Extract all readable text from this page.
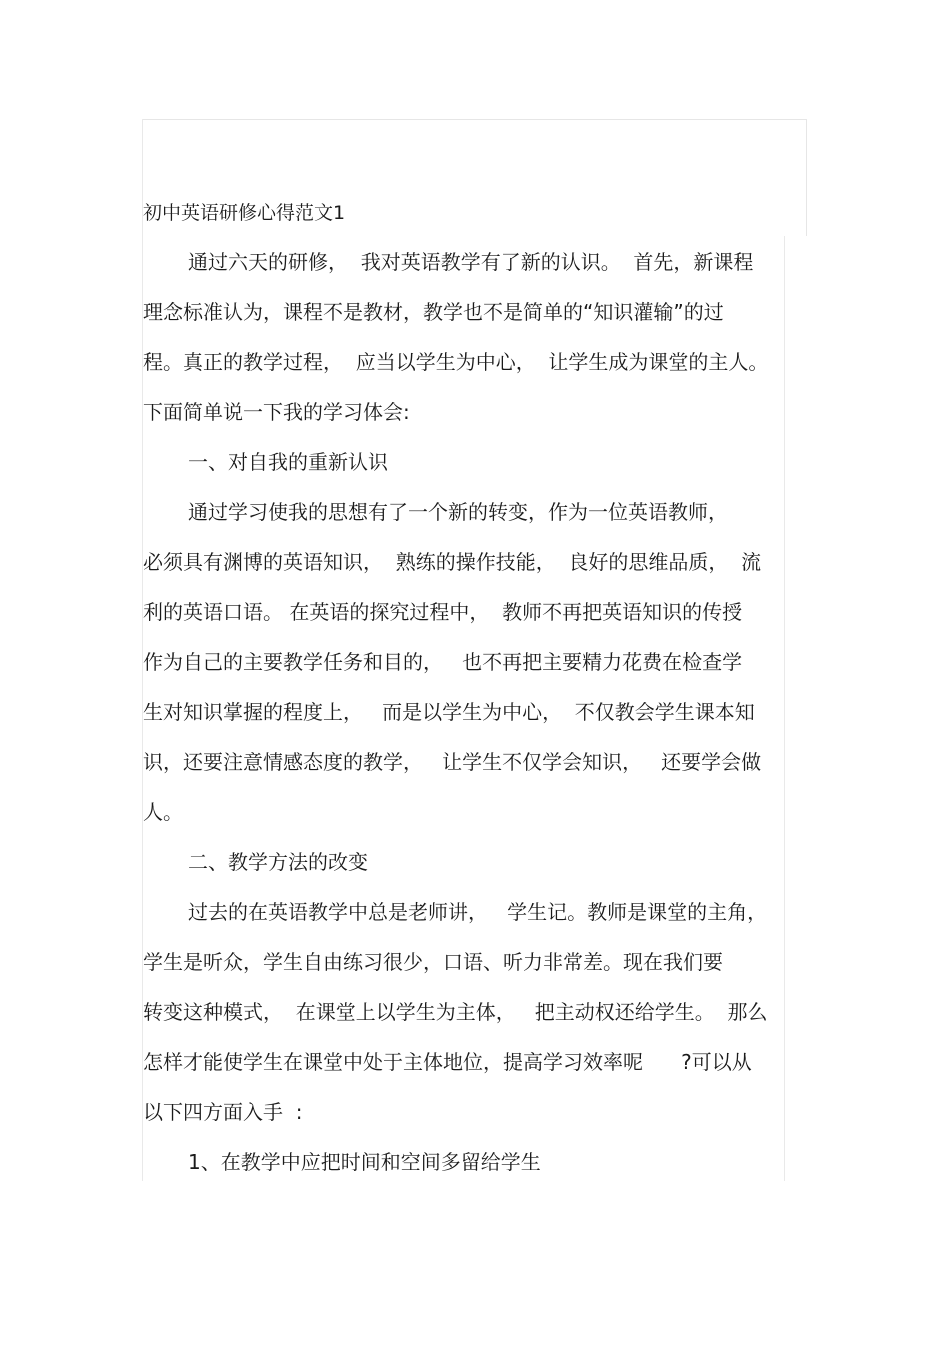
初中英语研修心得范文1
通过六天的研修，  我对英语教学有了新的认识。  首先，新课程
理念标准认为，课程不是教材，教学也不是简单的“知识灌输”的过
程。真正的教学过程，  应当以学生为中心，  让学生成为课堂的主人。
下面简单说一下我的学习体会:
一、对自我的重新认识
通过学习使我的思想有了一个新的转变，作为一位英语教师，
必须具有渊博的英语知识，  熟练的操作技能，  良好的思维品质，  流
利的英语口语。 在英语的探究过程中，  教师不再把英语知识的传授
作为自己的主要教学任务和目的，   也不再把主要精力花费在检查学
生对知识掌握的程度上，   而是以学生为中心，  不仅教会学生课本知
识，还要注意情感态度的教学，   让学生不仅学会知识，   还要学会做
人。
二、教学方法的改变
过去的在英语教学中总是老师讲，   学生记。教师是课堂的主角，
学生是听众，学生自由练习很少，口语、听力非常差。现在我们要
转变这种模式，  在课堂上以学生为主体，   把主动权还给学生。  那么
怎样才能使学生在课堂中处于主体地位，提高学习效率呢      ?可以从
以下四方面入手  :
1、在教学中应把时间和空间多留给学生
